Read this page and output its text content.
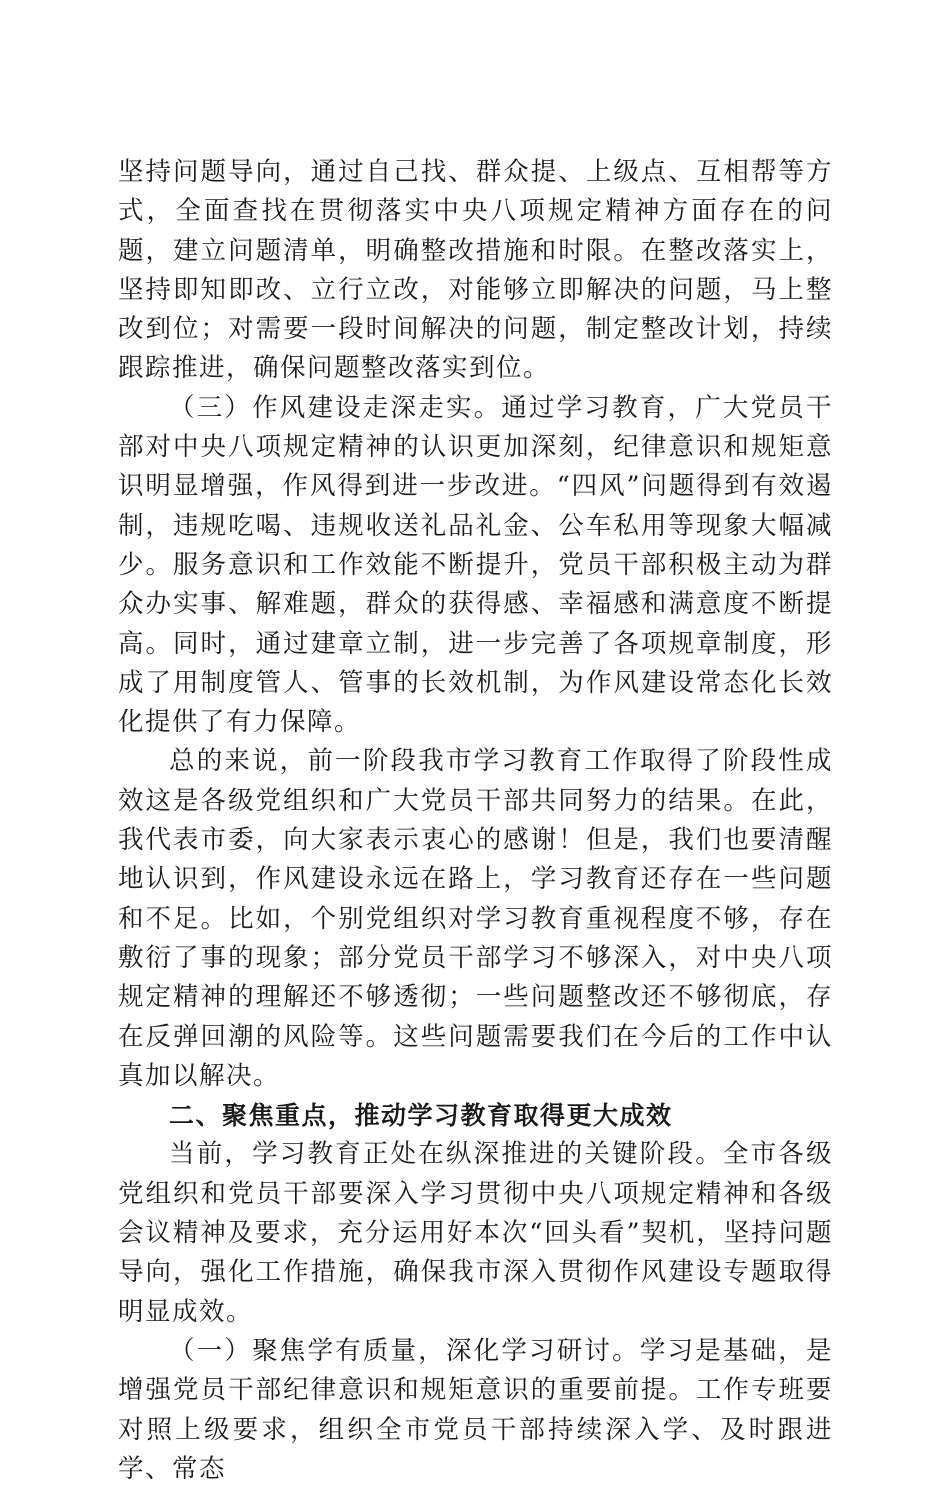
坚持问题导向，通过自己找、群众提、上级点、互相帮等方式，全面查找在贯彻落实中央八项规定精神方面存在的问题，建立问题清单，明确整改措施和时限。在整改落实上，坚持即知即改、立行立改，对能够立即解决的问题，马上整改到位；对需要一段时间解决的问题，制定整改计划，持续跟踪推进，确保问题整改落实到位。

（三）作风建设走深走实。通过学习教育，广大党员干部对中央八项规定精神的认识更加深刻，纪律意识和规矩意识明显增强，作风得到进一步改进。“四风”问题得到有效遏制，违规吃喝、违规收送礼品礼金、公车私用等现象大幅减少。服务意识和工作效能不断提升，党员干部积极主动为群众办实事、解难题，群众的获得感、幸福感和满意度不断提高。同时，通过建章立制，进一步完善了各项规章制度，形成了用制度管人、管事的长效机制，为作风建设常态化长效化提供了有力保障。

总的来说，前一阶段我市学习教育工作取得了阶段性成效这是各级党组织和广大党员干部共同努力的结果。在此，我代表市委，向大家表示衷心的感谢！但是，我们也要清醒地认识到，作风建设永远在路上，学习教育还存在一些问题和不足。比如，个别党组织对学习教育重视程度不够，存在敷衍了事的现象；部分党员干部学习不够深入，对中央八项规定精神的理解还不够透彻；一些问题整改还不够彻底，存在反弹回潮的风险等。这些问题需要我们在今后的工作中认真加以解决。

二、聚焦重点，推动学习教育取得更大成效

当前，学习教育正处在纵深推进的关键阶段。全市各级党组织和党员干部要深入学习贯彻中央八项规定精神和各级会议精神及要求，充分运用好本次“回头看”契机，坚持问题导向，强化工作措施，确保我市深入贯彻作风建设专题取得明显成效。

（一）聚焦学有质量，深化学习研讨。学习是基础，是增强党员干部纪律意识和规矩意识的重要前提。工作专班要对照上级要求，组织全市党员干部持续深入学、及时跟进学、常态
